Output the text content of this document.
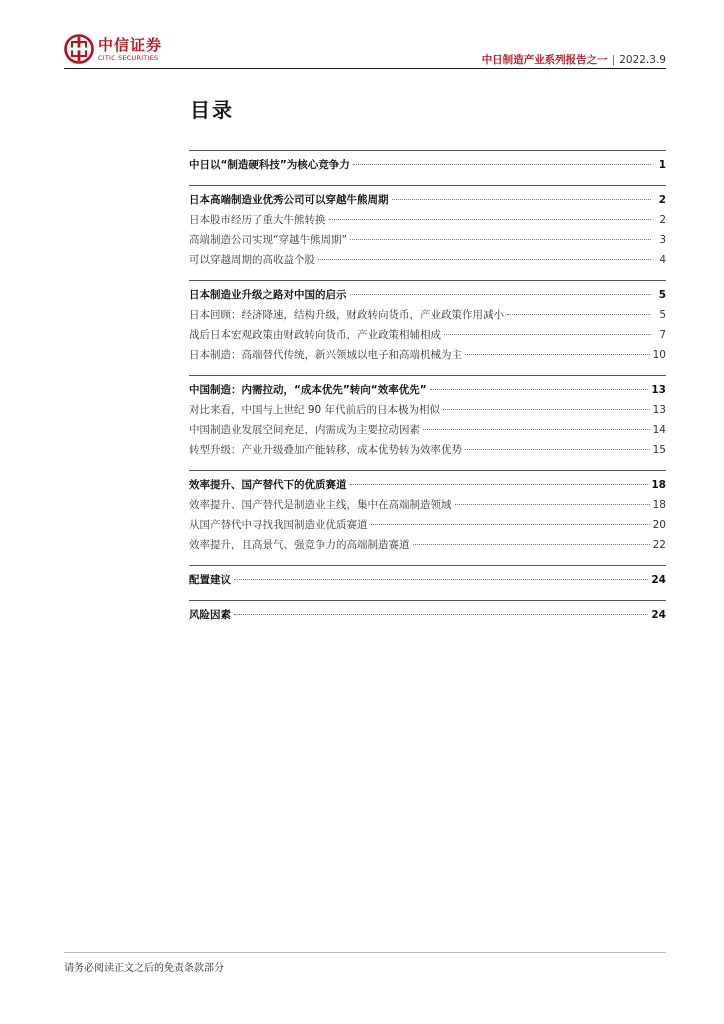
中信证券
CITIC SECURITIES	中日制造产业系列报告之一 | 2022.3.9
目录
中日以“制造硬科技”为核心竞争力	1
日本高端制造业优秀公司可以穿越牛熊周期	2
日本股市经历了重大牛熊转换	2
高端制造公司实现“穿越牛熊周期”	3
可以穿越周期的高收益个股	4
日本制造业升级之路对中国的启示	5
日本回顾：经济降速，结构升级，财政转向货币，产业政策作用减小	5
战后日本宏观政策由财政转向货币，产业政策相辅相成	7
日本制造：高端替代传统，新兴领域以电子和高端机械为主	10
中国制造：内需拉动，“成本优先”转向“效率优先”	13
对比来看，中国与上世纪 90 年代前后的日本极为相似	13
中国制造业发展空间充足，内需成为主要拉动因素	14
转型升级：产业升级叠加产能转移，成本优势转为效率优势	15
效率提升、国产替代下的优质赛道	18
效率提升、国产替代是制造业主线，集中在高端制造领域	18
从国产替代中寻找我国制造业优质赛道	20
效率提升，且高景气、强竞争力的高端制造赛道	22
配置建议	24
风险因素	24
请务必阅读正文之后的免责条款部分
